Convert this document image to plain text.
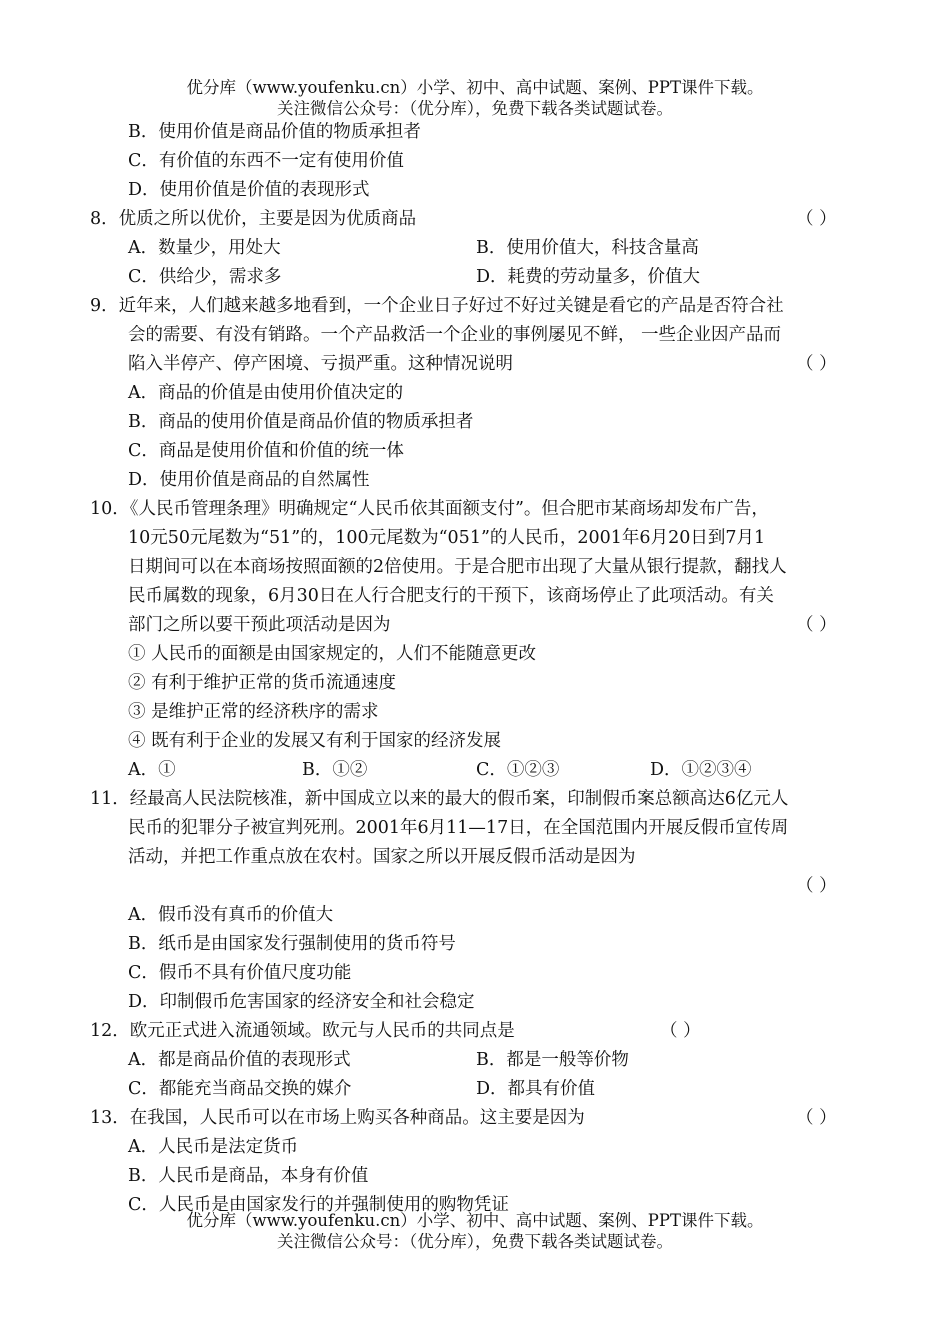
优分库（www.youfenku.cn）小学、初中、高中试题、案例、PPT课件下载。
关注微信公众号：（优分库），免费下载各类试题试卷。
B．使用价值是商品价值的物质承担者
C．有价值的东西不一定有使用价值
D．使用价值是价值的表现形式
8．优质之所以优价，主要是因为优质商品	（ ）
A．数量少，用处大	B．使用价值大，科技含量高
C．供给少，需求多	D．耗费的劳动量多，价值大
9．近年来，人们越来越多地看到，一个企业日子好过不好过关键是看它的产品是否符合社
会的需要、有没有销路。一个产品救活一个企业的事例屡见不鲜， 一些企业因产品而
陷入半停产、停产困境、亏损严重。这种情况说明	（ ）
A．商品的价值是由使用价值决定的
B．商品的使用价值是商品价值的物质承担者
C．商品是使用价值和价值的统一体
D．使用价值是商品的自然属性
10．《人民币管理条理》明确规定“人民币依其面额支付”。但合肥市某商场却发布广告，
10元50元尾数为“51”的，100元尾数为“051”的人民币，2001年6月20日到7月1
日期间可以在本商场按照面额的2倍使用。于是合肥市出现了大量从银行提款，翻找人
民币属数的现象，6月30日在人行合肥支行的干预下，该商场停止了此项活动。有关
部门之所以要干预此项活动是因为	（ ）
① 人民币的面额是由国家规定的，人们不能随意更改
② 有利于维护正常的货币流通速度
③ 是维护正常的经济秩序的需求
④ 既有利于企业的发展又有利于国家的经济发展
A．①	B．①②	C．①②③	D．①②③④
11．经最高人民法院核准，新中国成立以来的最大的假币案，印制假币案总额高达6亿元人
民币的犯罪分子被宣判死刑。2001年6月11—17日，在全国范围内开展反假币宣传周
活动，并把工作重点放在农村。国家之所以开展反假币活动是因为
（ ）
A．假币没有真币的价值大
B．纸币是由国家发行强制使用的货币符号
C．假币不具有价值尺度功能
D．印制假币危害国家的经济安全和社会稳定
12．欧元正式进入流通领域。欧元与人民币的共同点是	（ ）
A．都是商品价值的表现形式	B．都是一般等价物
C．都能充当商品交换的媒介	D．都具有价值
13．在我国，人民币可以在市场上购买各种商品。这主要是因为	（ ）
A．人民币是法定货币
B．人民币是商品，本身有价值
C．人民币是由国家发行的并强制使用的购物凭证
优分库（www.youfenku.cn）小学、初中、高中试题、案例、PPT课件下载。
关注微信公众号：（优分库），免费下载各类试题试卷。
